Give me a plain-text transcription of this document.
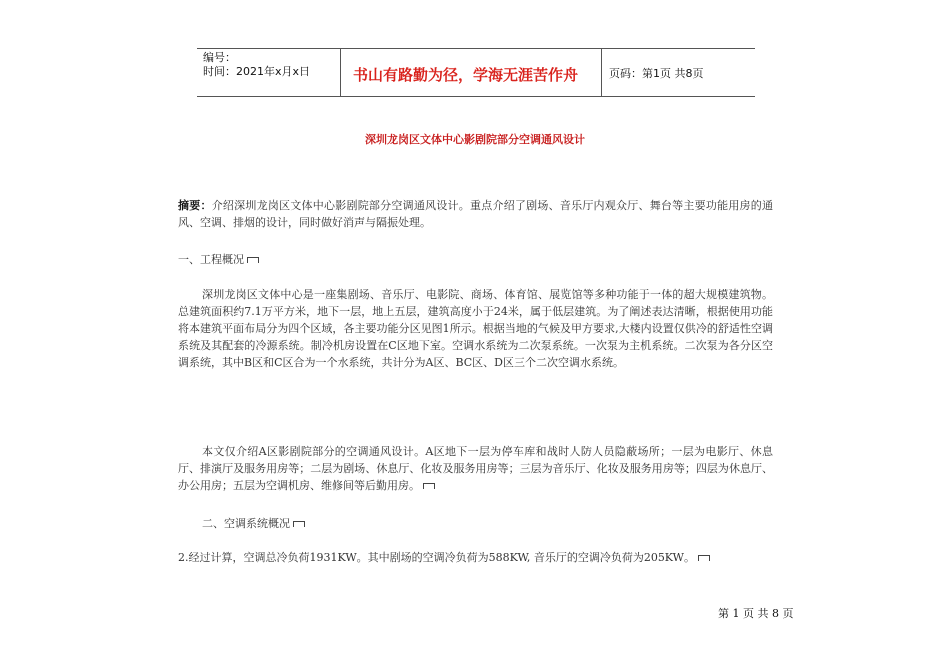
编号：
时间：2021年x月x日	书山有路勤为径，学海无涯苦作舟	页码：第1页 共8页
深圳龙岗区文体中心影剧院部分空调通风设计
摘要：介绍深圳龙岗区文体中心影剧院部分空调通风设计。重点介绍了剧场、音乐厅内观众厅、舞台等主要功能用房的通风、空调、排烟的设计，同时做好消声与隔振处理。
一、工程概况
深圳龙岗区文体中心是一座集剧场、音乐厅、电影院、商场、体育馆、展览馆等多种功能于一体的超大规模建筑物。总建筑面积约7.1万平方米，地下一层，地上五层，建筑高度小于24米，属于低层建筑。为了阐述表达清晰，根据使用功能将本建筑平面布局分为四个区域，各主要功能分区见图1所示。根据当地的气候及甲方要求,大楼内设置仅供冷的舒适性空调系统及其配套的冷源系统。制冷机房设置在C区地下室。空调水系统为二次泵系统。一次泵为主机系统。二次泵为各分区空调系统，其中B区和C区合为一个水系统，共计分为A区、BC区、D区三个二次空调水系统。
本文仅介绍A区影剧院部分的空调通风设计。A区地下一层为停车库和战时人防人员隐蔽场所；一层为电影厅、休息厅、排演厅及服务用房等；二层为剧场、休息厅、化妆及服务用房等；三层为音乐厅、化妆及服务用房等；四层为休息厅、办公用房；五层为空调机房、维修间等后勤用房。
二、空调系统概况
2.经过计算，空调总冷负荷1931KW。其中剧场的空调冷负荷为588KW, 音乐厅的空调冷负荷为205KW。
第 1 页 共 8 页
